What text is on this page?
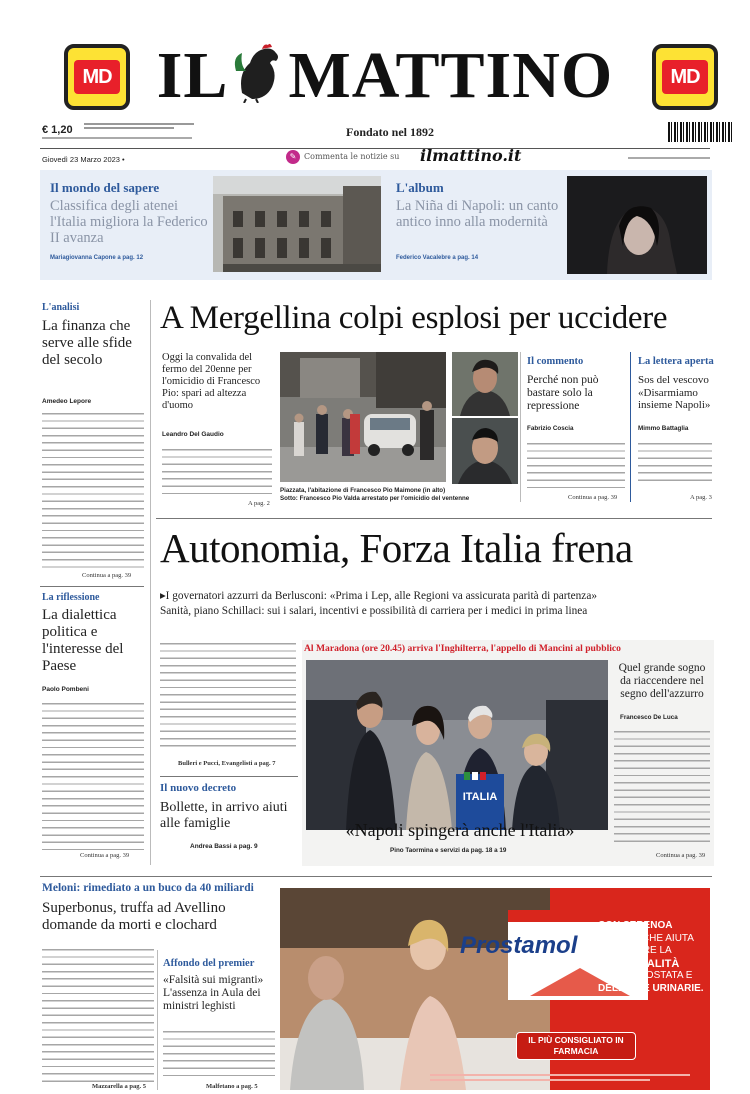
MD	MD
IL MATTINO
€ 1,20	Fondato nel 1892
Giovedì 23 Marzo 2023 •	✎ Commenta le notizie su ilmattino.it
Il mondo del sapere
Classifica degli atenei l'Italia migliora la Federico II avanza
Mariagiovanna Capone a pag. 12
L'album
La Niña di Napoli: un canto antico inno alla modernità
Federico Vacalebre a pag. 14
L'analisi
La finanza che serve alle sfide del secolo
Amedeo Lepore
Continua a pag. 39
La riflessione
La dialettica politica e l'interesse del Paese
Paolo Pombeni
Continua a pag. 39
A Mergellina colpi esplosi per uccidere
Oggi la convalida del fermo del 20enne per l'omicidio di Francesco Pio: spari ad altezza d'uomo
Leandro Del Gaudio
A pag. 2
Piazzata, l'abitazione di Francesco Pio Maimone (in alto)
Sotto: Francesco Pio Valda arrestato per l'omicidio del ventenne
Il commento
Perché non può bastare solo la repressione
Fabrizio Coscia
Continua a pag. 39
La lettera aperta
Sos del vescovo «Disarmiamo insieme Napoli»
Mimmo Battaglia
A pag. 3
Autonomia, Forza Italia frena
▸I governatori azzurri da Berlusconi: «Prima i Lep, alle Regioni va assicurata parità di partenza»
Sanità, piano Schillaci: sui i salari, incentivi e possibilità di carriera per i medici in prima linea
Bulleri e Pucci, Evangelisti a pag. 7
Il nuovo decreto
Bollette, in arrivo aiuti alle famiglie
Andrea Bassi a pag. 9
Al Maradona (ore 20.45) arriva l'Inghilterra, l'appello di Mancini al pubblico
ITALIA
«Napoli spingerà anche l'Italia»
Pino Taormina e servizi da pag. 18 a 19
Quel grande sogno da riaccendere nel segno dell'azzurro
Francesco De Luca
Continua a pag. 39
Meloni: rimediato a un buco da 40 miliardi
Superbonus, truffa ad Avellino domande da morti e clochard
Mazzarella a pag. 5
Affondo del premier
«Falsità sui migranti» L'assenza in Aula dei ministri leghisti
Malfetano a pag. 5
Prostamol
CON SERENOA
REPENS CHE AIUTA
A FAVORIRE LA
FUNZIONALITÀ
DELLA PROSTATA E
DELLE VIE URINARIE.
IL PIÙ CONSIGLIATO IN FARMACIA
